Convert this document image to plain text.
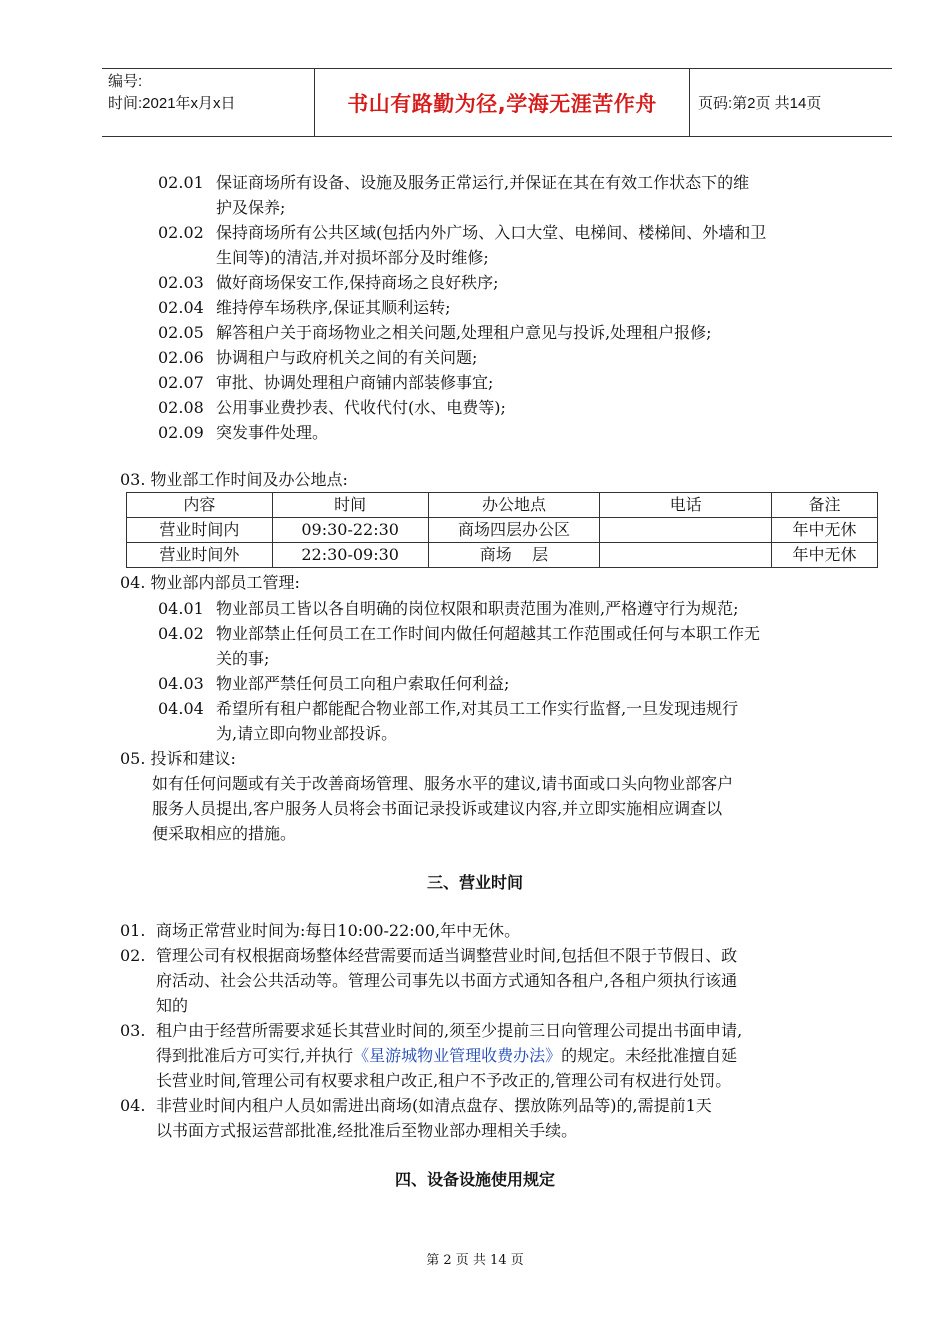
编号:
时间:2021年x月x日	书山有路勤为径,学海无涯苦作舟	页码:第2页 共14页
02.01 保证商场所有设备、设施及服务正常运行,并保证在其在有效工作状态下的维
护及保养;
02.02 保持商场所有公共区域(包括内外广场、入口大堂、电梯间、楼梯间、外墙和卫
生间等)的清洁,并对损坏部分及时维修;
02.03 做好商场保安工作,保持商场之良好秩序;
02.04 维持停车场秩序,保证其顺利运转;
02.05 解答租户关于商场物业之相关问题,处理租户意见与投诉,处理租户报修;
02.06 协调租户与政府机关之间的有关问题;
02.07 审批、协调处理租户商铺内部装修事宜;
02.08 公用事业费抄表、代收代付(水、电费等);
02.09 突发事件处理。
03. 物业部工作时间及办公地点:
04. 物业部内部员工管理:
04.01 物业部员工皆以各自明确的岗位权限和职责范围为准则,严格遵守行为规范;
04.02 物业部禁止任何员工在工作时间内做任何超越其工作范围或任何与本职工作无
关的事;
04.03 物业部严禁任何员工向租户索取任何利益;
04.04 希望所有租户都能配合物业部工作,对其员工工作实行监督,一旦发现违规行
为,请立即向物业部投诉。
05. 投诉和建议:
如有任何问题或有关于改善商场管理、服务水平的建议,请书面或口头向物业部客户
服务人员提出,客户服务人员将会书面记录投诉或建议内容,并立即实施相应调查以
便采取相应的措施。
三、营业时间
01. 商场正常营业时间为:每日10:00-22:00,年中无休。
02. 管理公司有权根据商场整体经营需要而适当调整营业时间,包括但不限于节假日、政
府活动、社会公共活动等。管理公司事先以书面方式通知各租户,各租户须执行该通
知的
03. 租户由于经营所需要求延长其营业时间的,须至少提前三日向管理公司提出书面申请,
得到批准后方可实行,并执行《星游城物业管理收费办法》的规定。未经批准擅自延
长营业时间,管理公司有权要求租户改正,租户不予改正的,管理公司有权进行处罚。
04. 非营业时间内租户人员如需进出商场(如清点盘存、摆放陈列品等)的,需提前1天
以书面方式报运营部批准,经批准后至物业部办理相关手续。
四、设备设施使用规定
内容	时间	办公地点	电话	备注
营业时间内	09:30-22:30	商场四层办公区		年中无休
营业时间外	22:30-09:30	商场    层		年中无休
第 2 页 共 14 页
